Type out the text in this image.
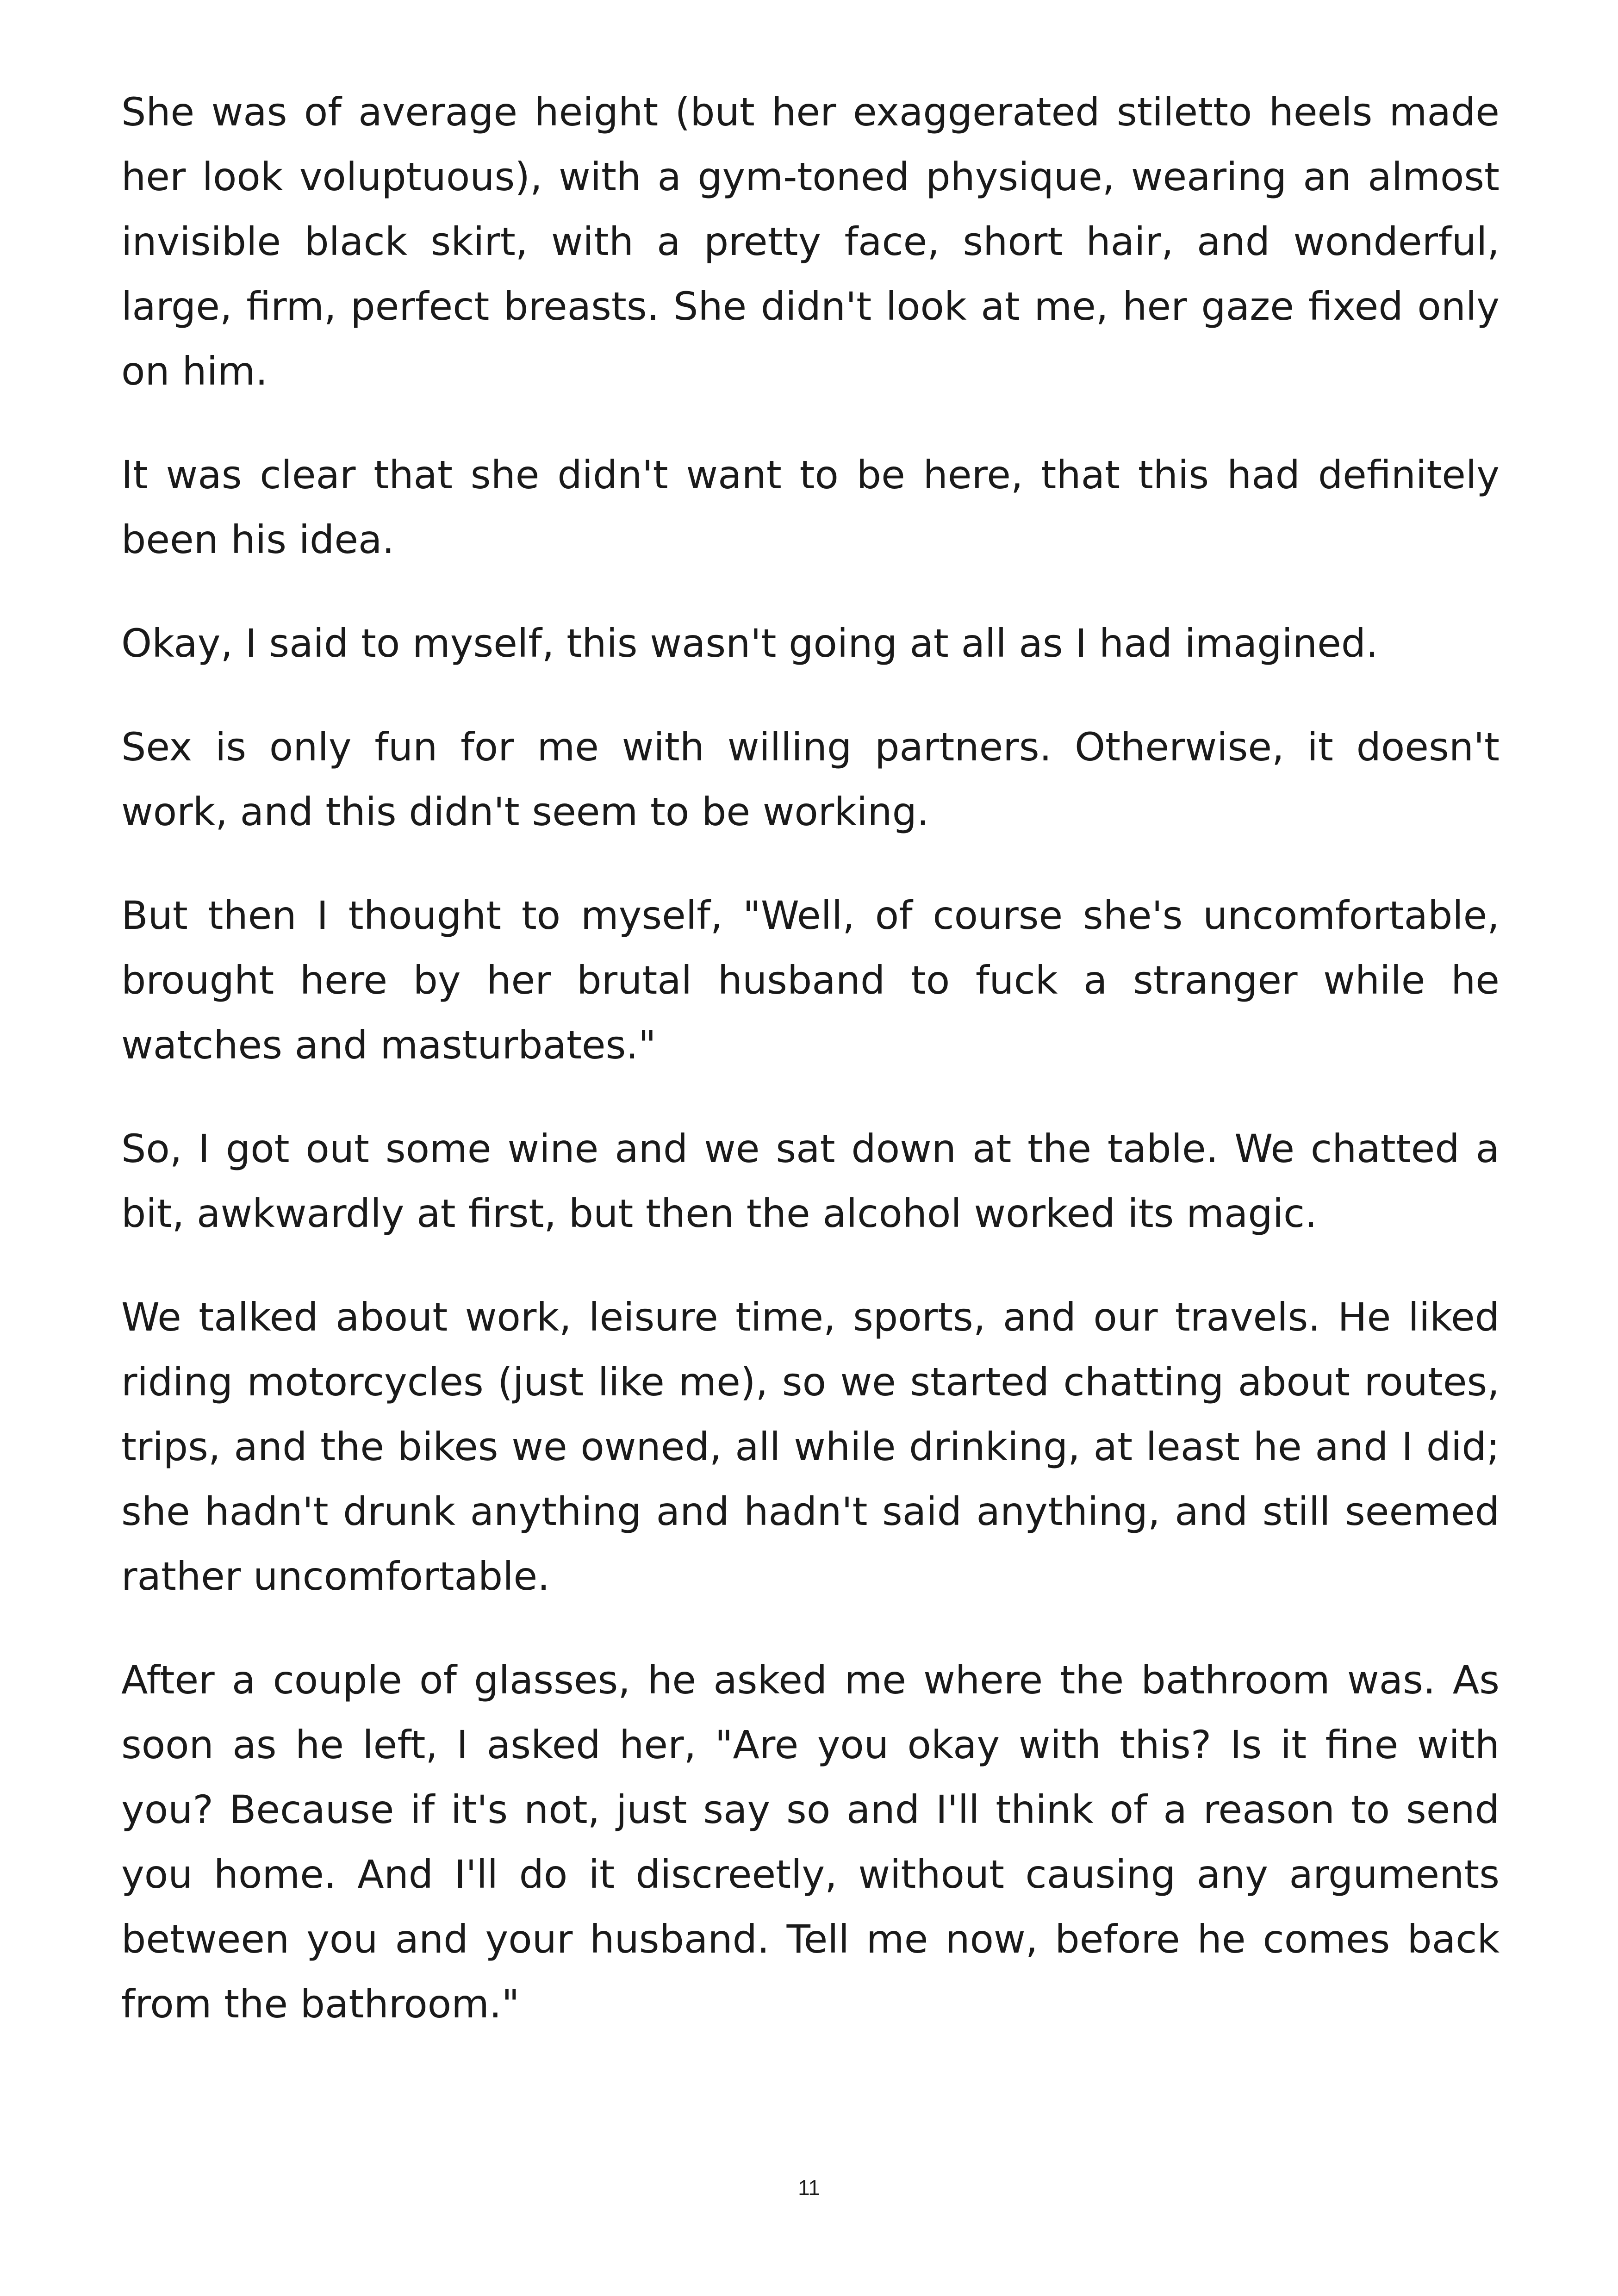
She was of average height (but her exaggerated stiletto heels made her look voluptuous), with a gym-toned physique, wearing an almost invisible black skirt, with a pretty face, short hair, and wonderful, large, firm, perfect breasts. She didn't look at me, her gaze fixed only on him.

It was clear that she didn't want to be here, that this had definitely been his idea.

Okay, I said to myself, this wasn't going at all as I had imagined.

Sex is only fun for me with willing partners. Otherwise, it doesn't work, and this didn't seem to be working.

But then I thought to myself, "Well, of course she's uncomfortable, brought here by her brutal husband to fuck a stranger while he watches and masturbates."

So, I got out some wine and we sat down at the table. We chatted a bit, awkwardly at first, but then the alcohol worked its magic.

We talked about work, leisure time, sports, and our travels. He liked riding motorcycles (just like me), so we started chatting about routes, trips, and the bikes we owned, all while drinking, at least he and I did; she hadn't drunk anything and hadn't said anything, and still seemed rather uncomfortable.

After a couple of glasses, he asked me where the bathroom was. As soon as he left, I asked her, "Are you okay with this? Is it fine with you? Because if it's not, just say so and I'll think of a reason to send you home. And I'll do it discreetly, without causing any arguments between you and your husband. Tell me now, before he comes back from the bathroom."

11
